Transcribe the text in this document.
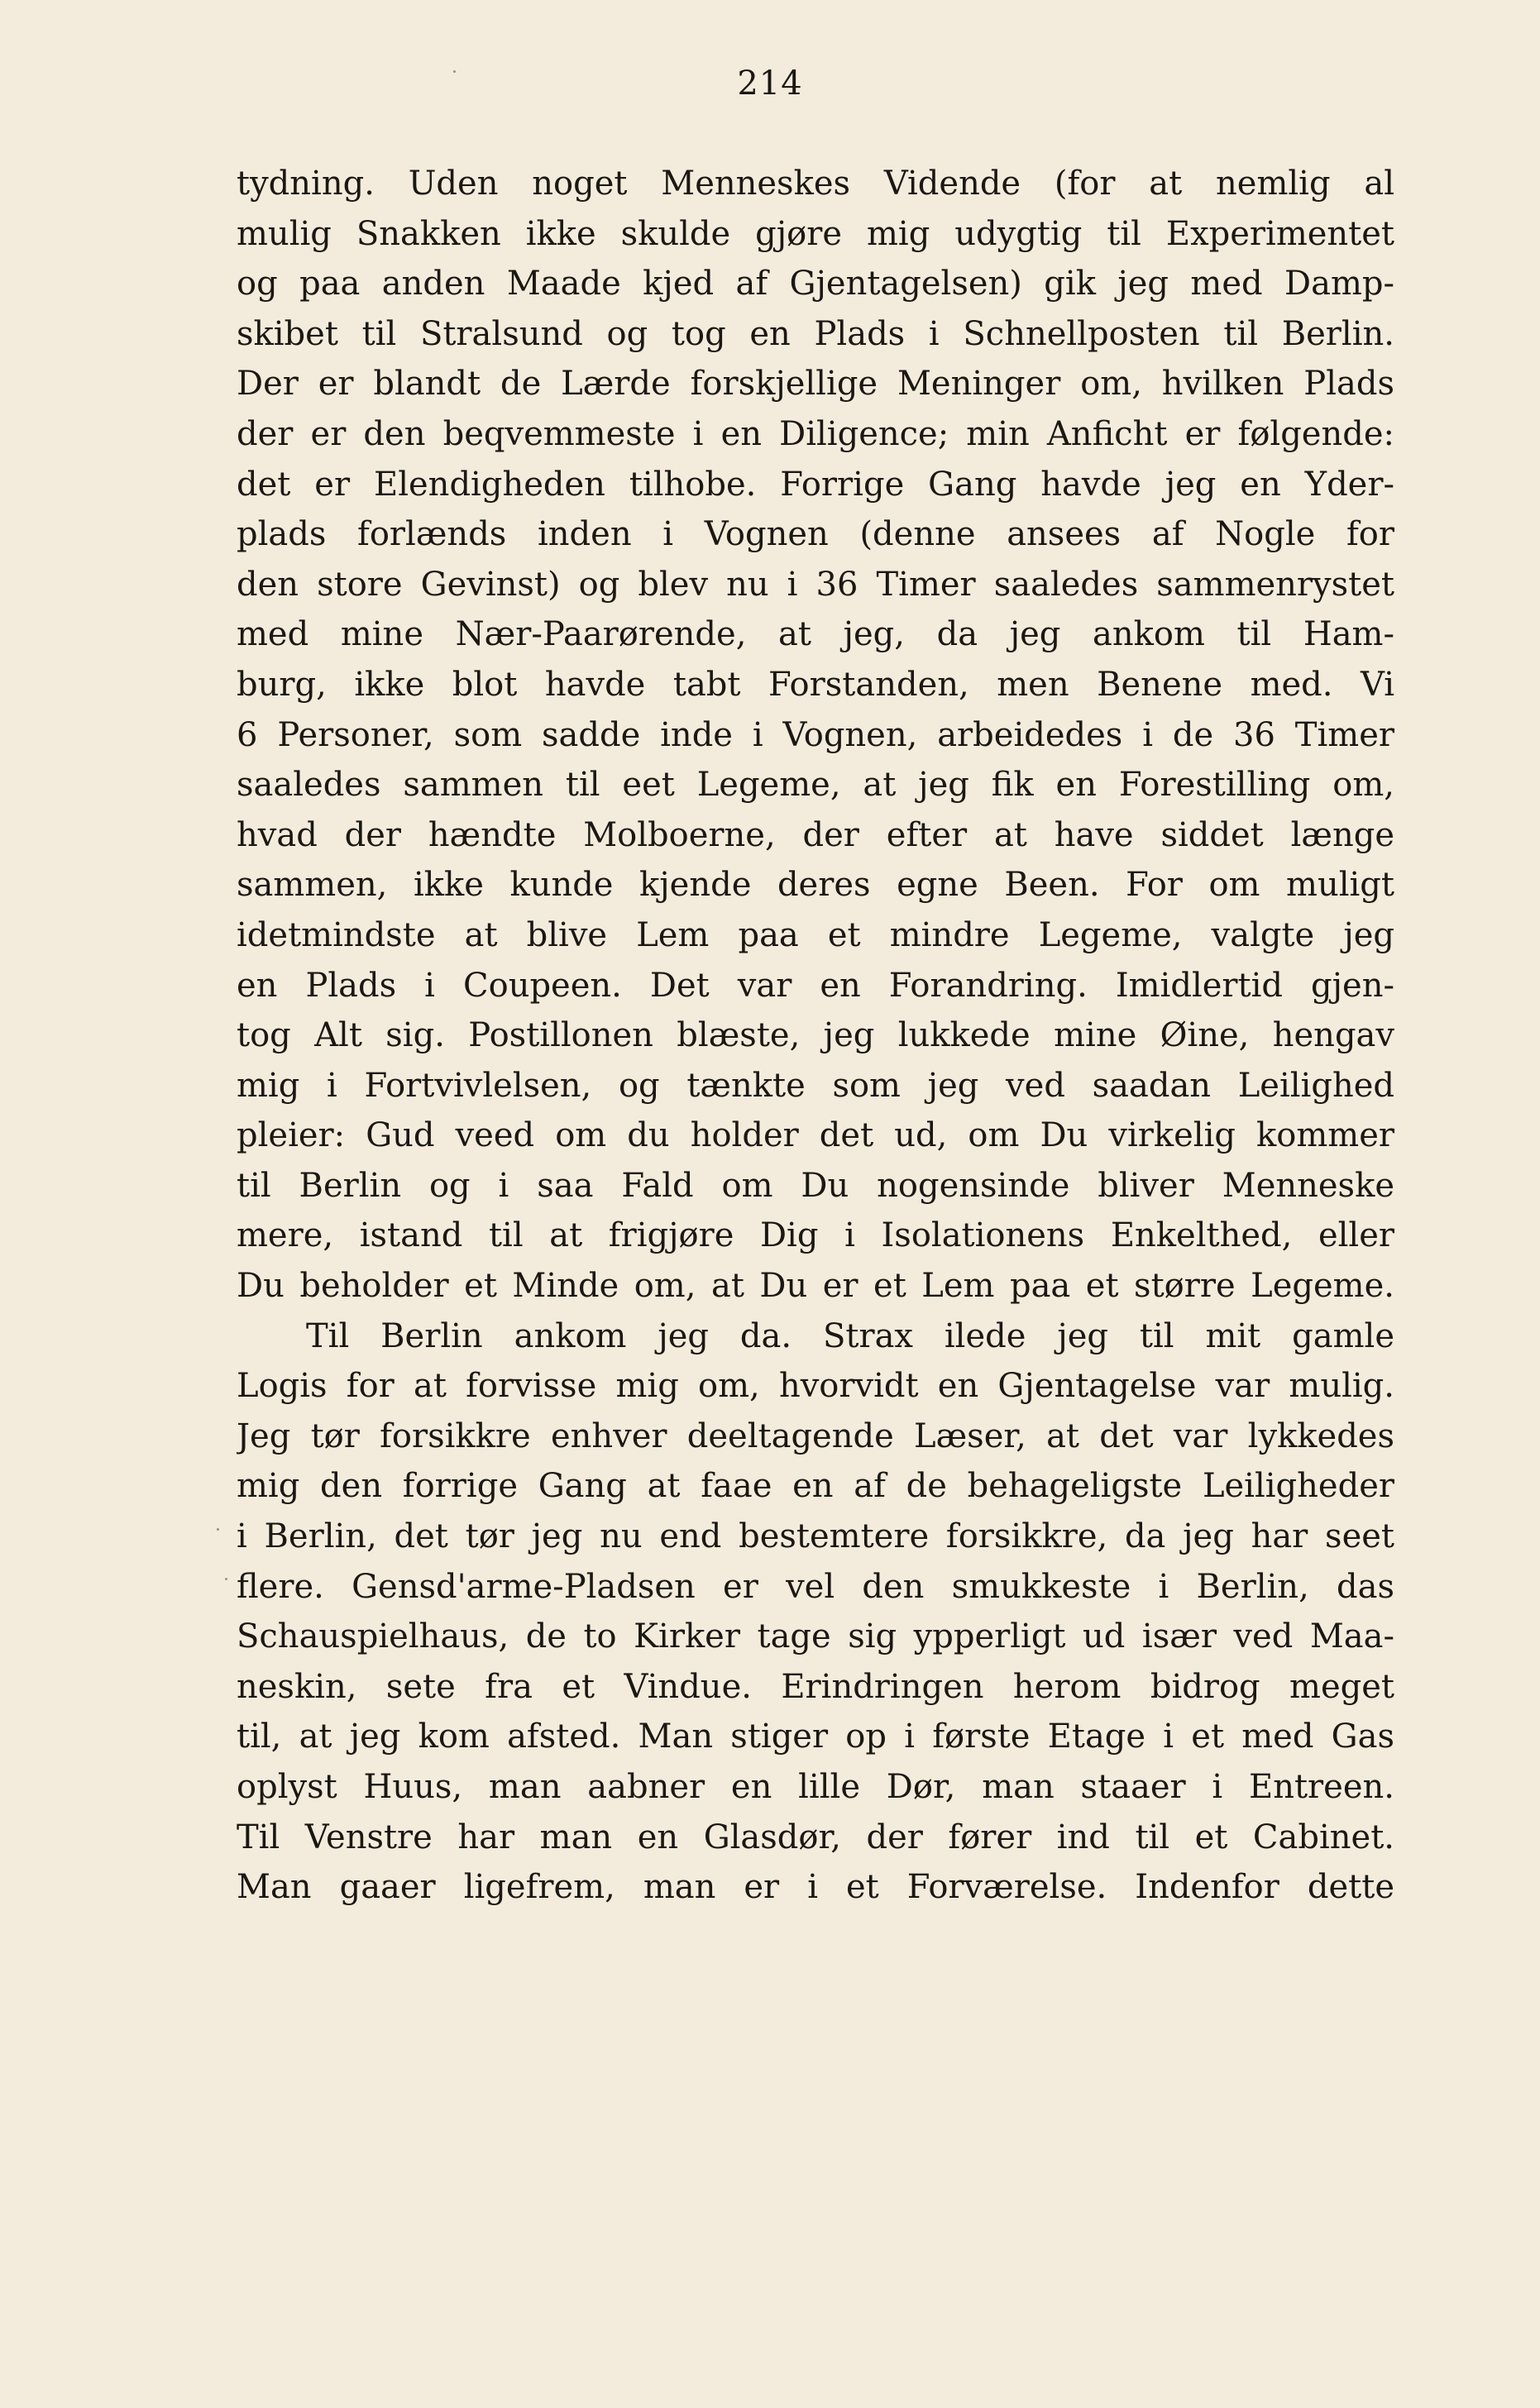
214
tydning. Uden noget Menneskes Vidende (for at nemlig al
mulig Snakken ikke skulde gjøre mig udygtig til Experimentet
og paa anden Maade kjed af Gjentagelsen) gik jeg med Damp-
skibet til Stralsund og tog en Plads i Schnellposten til Berlin.
Der er blandt de Lærde forskjellige Meninger om, hvilken Plads
der er den beqvemmeste i en Diligence; min Anficht er følgende:
det er Elendigheden tilhobe. Forrige Gang havde jeg en Yder-
plads forlænds inden i Vognen (denne ansees af Nogle for
den store Gevinst) og blev nu i 36 Timer saaledes sammenrystet
med mine Nær-Paarørende, at jeg, da jeg ankom til Ham-
burg, ikke blot havde tabt Forstanden, men Benene med. Vi
6 Personer, som sadde inde i Vognen, arbeidedes i de 36 Timer
saaledes sammen til eet Legeme, at jeg fik en Forestilling om,
hvad der hændte Molboerne, der efter at have siddet længe
sammen, ikke kunde kjende deres egne Been. For om muligt
idetmindste at blive Lem paa et mindre Legeme, valgte jeg
en Plads i Coupeen. Det var en Forandring. Imidlertid gjen-
tog Alt sig. Postillonen blæste, jeg lukkede mine Øine, hengav
mig i Fortvivlelsen, og tænkte som jeg ved saadan Leilighed
pleier: Gud veed om du holder det ud, om Du virkelig kommer
til Berlin og i saa Fald om Du nogensinde bliver Menneske
mere, istand til at frigjøre Dig i Isolationens Enkelthed, eller
Du beholder et Minde om, at Du er et Lem paa et større Legeme.
Til Berlin ankom jeg da. Strax ilede jeg til mit gamle
Logis for at forvisse mig om, hvorvidt en Gjentagelse var mulig.
Jeg tør forsikkre enhver deeltagende Læser, at det var lykkedes
mig den forrige Gang at faae en af de behageligste Leiligheder
i Berlin, det tør jeg nu end bestemtere forsikkre, da jeg har seet
flere. Gensd'arme-Pladsen er vel den smukkeste i Berlin, das
Schauspielhaus, de to Kirker tage sig ypperligt ud især ved Maa-
neskin, sete fra et Vindue. Erindringen herom bidrog meget
til, at jeg kom afsted. Man stiger op i første Etage i et med Gas
oplyst Huus, man aabner en lille Dør, man staaer i Entreen.
Til Venstre har man en Glasdør, der fører ind til et Cabinet.
Man gaaer ligefrem, man er i et Forværelse. Indenfor dette
